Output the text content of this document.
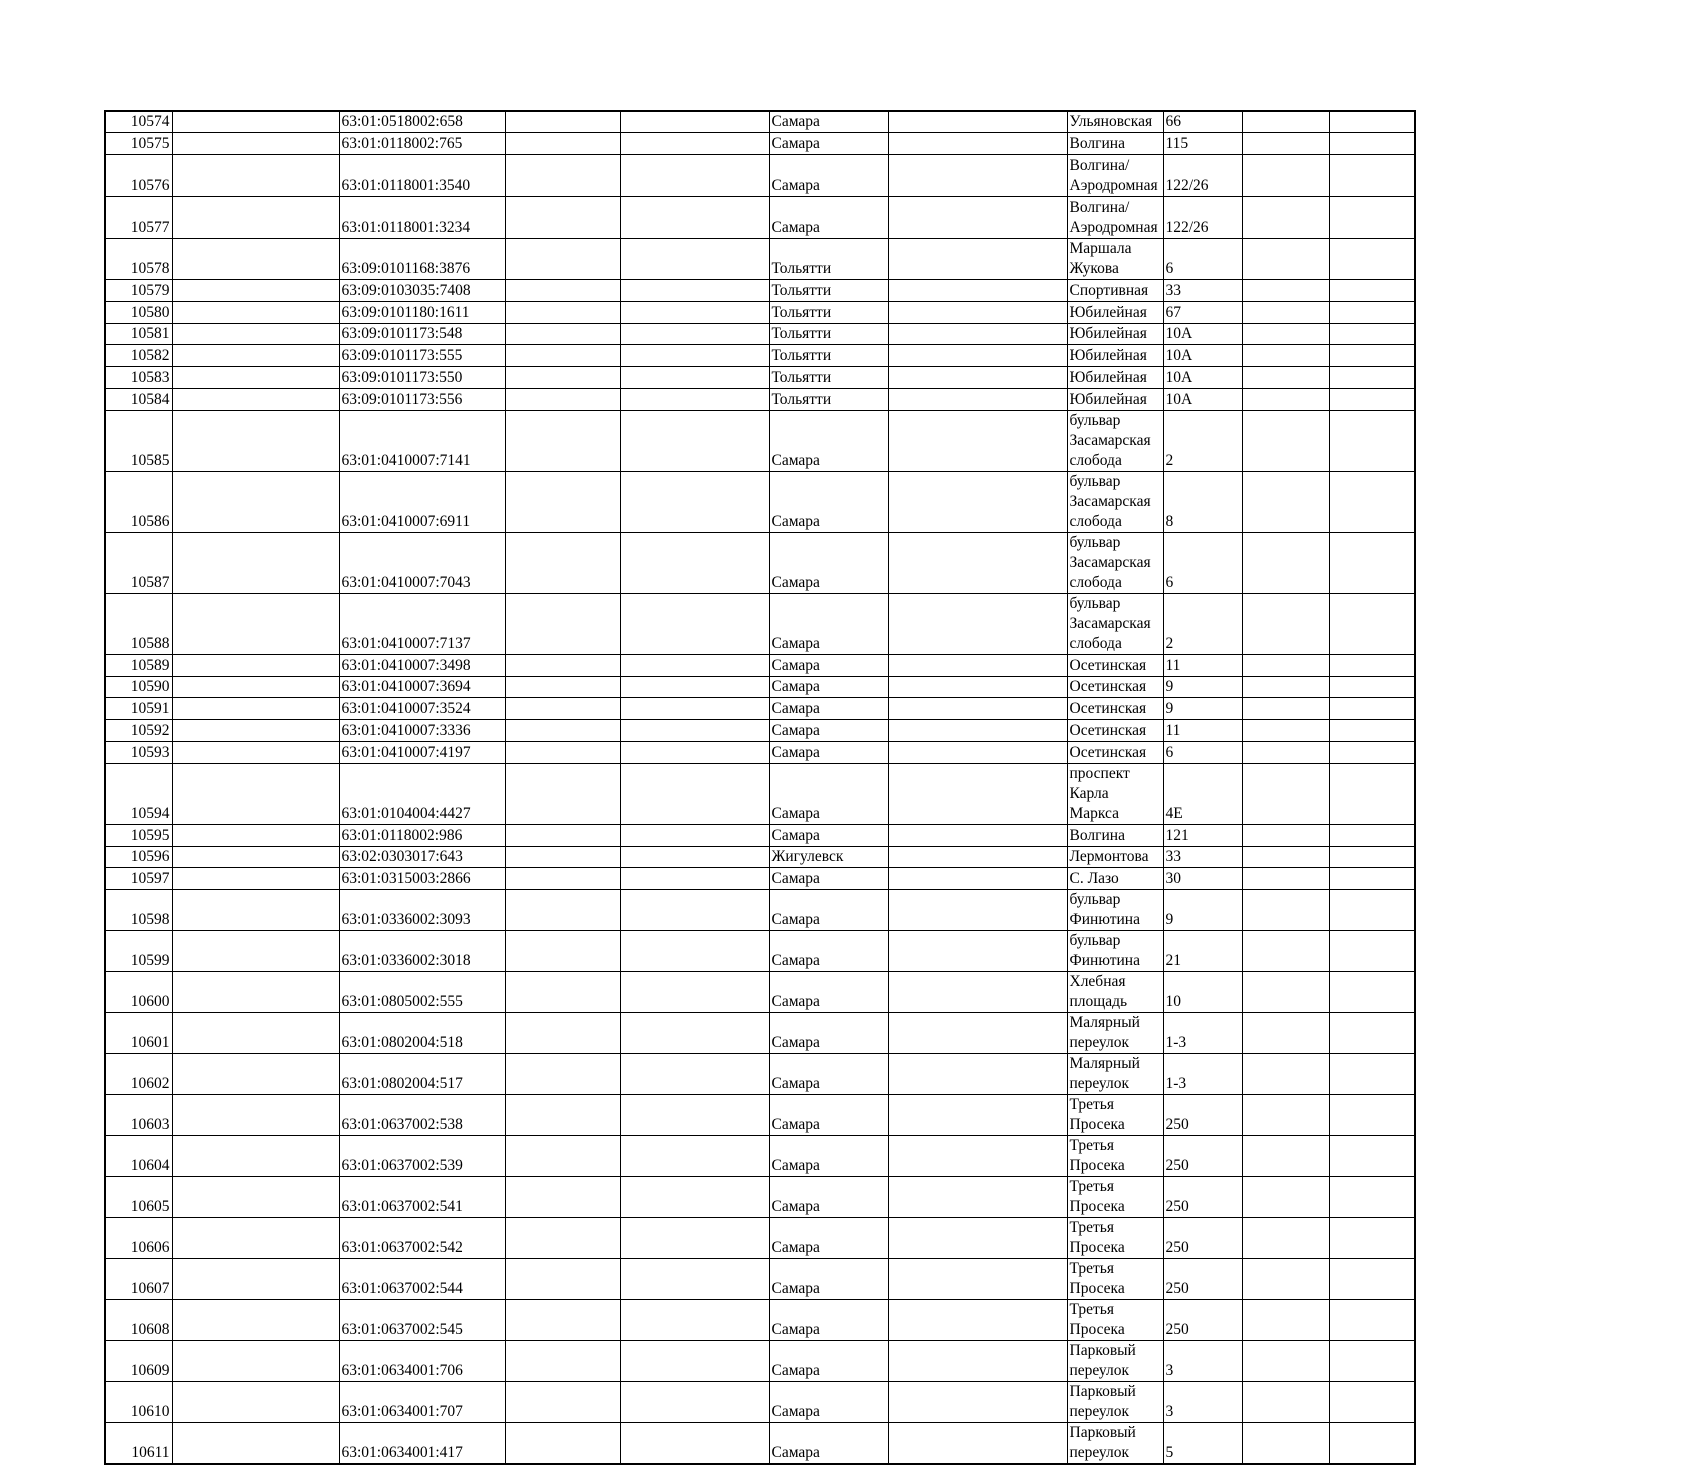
10574		63:01:0518002:658			Самара		Ульяновская	66		
10575		63:01:0118002:765			Самара		Волгина	115		
10576		63:01:0118001:3540			Самара		Волгина/Аэродромная	122/26		
10577		63:01:0118001:3234			Самара		Волгина/Аэродромная	122/26		
10578		63:09:0101168:3876			Тольятти		Маршала Жукова	6		
10579		63:09:0103035:7408			Тольятти		Спортивная	33		
10580		63:09:0101180:1611			Тольятти		Юбилейная	67		
10581		63:09:0101173:548			Тольятти		Юбилейная	10А		
10582		63:09:0101173:555			Тольятти		Юбилейная	10А		
10583		63:09:0101173:550			Тольятти		Юбилейная	10А		
10584		63:09:0101173:556			Тольятти		Юбилейная	10А		
10585		63:01:0410007:7141			Самара		бульвар Засамарская слобода	2		
10586		63:01:0410007:6911			Самара		бульвар Засамарская слобода	8		
10587		63:01:0410007:7043			Самара		бульвар Засамарская слобода	6		
10588		63:01:0410007:7137			Самара		бульвар Засамарская слобода	2		
10589		63:01:0410007:3498			Самара		Осетинская	11		
10590		63:01:0410007:3694			Самара		Осетинская	9		
10591		63:01:0410007:3524			Самара		Осетинская	9		
10592		63:01:0410007:3336			Самара		Осетинская	11		
10593		63:01:0410007:4197			Самара		Осетинская	6		
10594		63:01:0104004:4427			Самара		проспект Карла Маркса	4Е		
10595		63:01:0118002:986			Самара		Волгина	121		
10596		63:02:0303017:643			Жигулевск		Лермонтова	33		
10597		63:01:0315003:2866			Самара		С. Лазо	30		
10598		63:01:0336002:3093			Самара		бульвар Финютина	9		
10599		63:01:0336002:3018			Самара		бульвар Финютина	21		
10600		63:01:0805002:555			Самара		Хлебная площадь	10		
10601		63:01:0802004:518			Самара		Малярный переулок	1-3		
10602		63:01:0802004:517			Самара		Малярный переулок	1-3		
10603		63:01:0637002:538			Самара		Третья Просека	250		
10604		63:01:0637002:539			Самара		Третья Просека	250		
10605		63:01:0637002:541			Самара		Третья Просека	250		
10606		63:01:0637002:542			Самара		Третья Просека	250		
10607		63:01:0637002:544			Самара		Третья Просека	250		
10608		63:01:0637002:545			Самара		Третья Просека	250		
10609		63:01:0634001:706			Самара		Парковый переулок	3		
10610		63:01:0634001:707			Самара		Парковый переулок	3		
10611		63:01:0634001:417			Самара		Парковый переулок	5		
